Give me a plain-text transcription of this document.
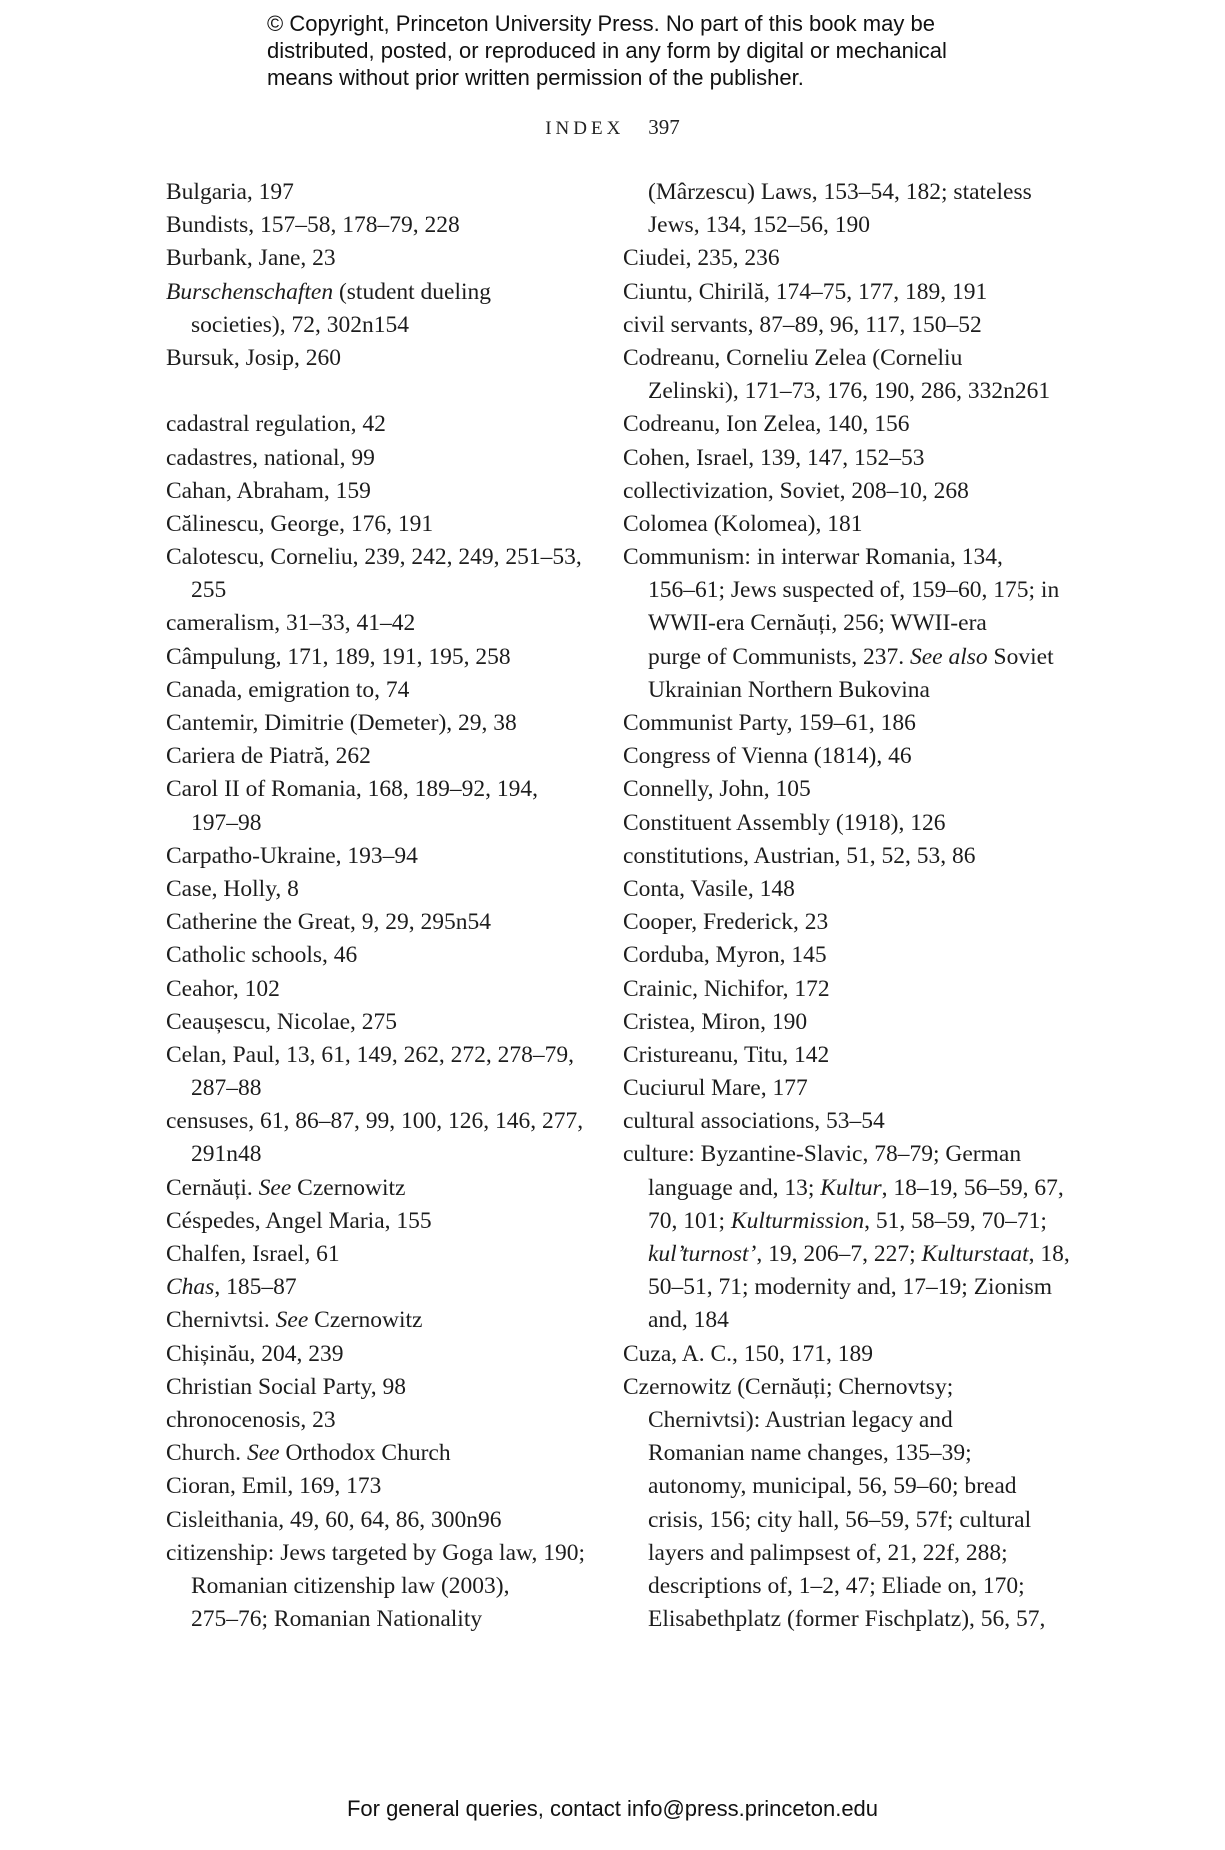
© Copyright, Princeton University Press. No part of this book may be
distributed, posted, or reproduced in any form by digital or mechanical
means without prior written permission of the publisher.
INDEX 397
Bulgaria, 197
Bundists, 157–58, 178–79, 228
Burbank, Jane, 23
Burschenschaften (student dueling
societies), 72, 302n154
Bursuk, Josip, 260
cadastral regulation, 42
cadastres, national, 99
Cahan, Abraham, 159
Călinescu, George, 176, 191
Calotescu, Corneliu, 239, 242, 249, 251–53,
255
cameralism, 31–33, 41–42
Câmpulung, 171, 189, 191, 195, 258
Canada, emigration to, 74
Cantemir, Dimitrie (Demeter), 29, 38
Cariera de Piatră, 262
Carol II of Romania, 168, 189–92, 194,
197–98
Carpatho-Ukraine, 193–94
Case, Holly, 8
Catherine the Great, 9, 29, 295n54
Catholic schools, 46
Ceahor, 102
Ceaușescu, Nicolae, 275
Celan, Paul, 13, 61, 149, 262, 272, 278–79,
287–88
censuses, 61, 86–87, 99, 100, 126, 146, 277,
291n48
Cernăuți. See Czernowitz
Céspedes, Angel Maria, 155
Chalfen, Israel, 61
Chas, 185–87
Chernivtsi. See Czernowitz
Chișinău, 204, 239
Christian Social Party, 98
chronocenosis, 23
Church. See Orthodox Church
Cioran, Emil, 169, 173
Cisleithania, 49, 60, 64, 86, 300n96
citizenship: Jews targeted by Goga law, 190;
Romanian citizenship law (2003),
275–76; Romanian Nationality
(Mârzescu) Laws, 153–54, 182; stateless
Jews, 134, 152–56, 190
Ciudei, 235, 236
Ciuntu, Chirilă, 174–75, 177, 189, 191
civil servants, 87–89, 96, 117, 150–52
Codreanu, Corneliu Zelea (Corneliu
Zelinski), 171–73, 176, 190, 286, 332n261
Codreanu, Ion Zelea, 140, 156
Cohen, Israel, 139, 147, 152–53
collectivization, Soviet, 208–10, 268
Colomea (Kolomea), 181
Communism: in interwar Romania, 134,
156–61; Jews suspected of, 159–60, 175; in
WWII-era Cernăuți, 256; WWII-era
purge of Communists, 237. See also Soviet
Ukrainian Northern Bukovina
Communist Party, 159–61, 186
Congress of Vienna (1814), 46
Connelly, John, 105
Constituent Assembly (1918), 126
constitutions, Austrian, 51, 52, 53, 86
Conta, Vasile, 148
Cooper, Frederick, 23
Corduba, Myron, 145
Crainic, Nichifor, 172
Cristea, Miron, 190
Cristureanu, Titu, 142
Cuciurul Mare, 177
cultural associations, 53–54
culture: Byzantine-Slavic, 78–79; German
language and, 13; Kultur, 18–19, 56–59, 67,
70, 101; Kulturmission, 51, 58–59, 70–71;
kul’turnost’, 19, 206–7, 227; Kulturstaat, 18,
50–51, 71; modernity and, 17–19; Zionism
and, 184
Cuza, A. C., 150, 171, 189
Czernowitz (Cernăuți; Chernovtsy;
Chernivtsi): Austrian legacy and
Romanian name changes, 135–39;
autonomy, municipal, 56, 59–60; bread
crisis, 156; city hall, 56–59, 57f; cultural
layers and palimpsest of, 21, 22f, 288;
descriptions of, 1–2, 47; Eliade on, 170;
Elisabethplatz (former Fischplatz), 56, 57,
For general queries, contact info@press.princeton.edu
